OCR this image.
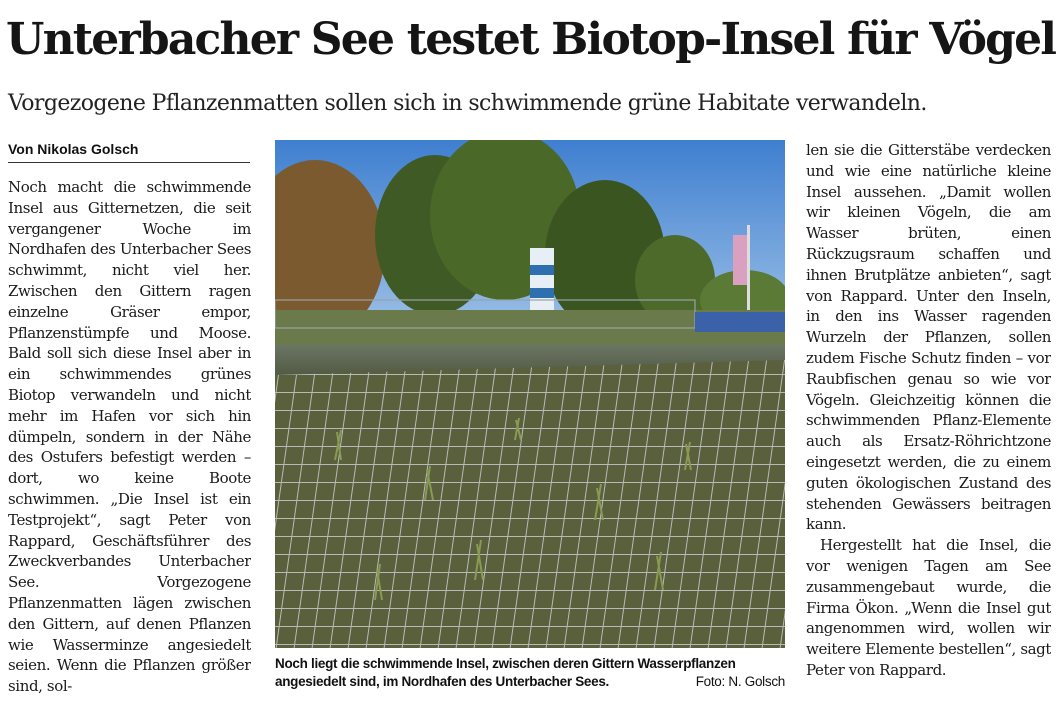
Unterbacher See testet Biotop-Insel für Vögel

Vorgezogene Pflanzenmatten sollen sich in schwimmende grüne Habitate verwandeln.

Von Nikolas Golsch

Noch macht die schwimmende Insel aus Gitternetzen, die seit vergangener Woche im Nordhafen des Unterbacher Sees schwimmt, nicht viel her. Zwischen den Gittern ragen einzelne Gräser empor, Pflanzenstümpfe und Moose. Bald soll sich diese Insel aber in ein schwimmendes grünes Biotop verwandeln und nicht mehr im Hafen vor sich hin dümpeln, sondern in der Nähe des Ostufers befestigt werden – dort, wo keine Boote schwimmen. „Die Insel ist ein Testprojekt“, sagt Peter von Rappard, Geschäftsführer des Zweckverbandes Unterbacher See. Vorgezogene Pflanzenmatten lägen zwischen den Gittern, auf denen Pflanzen wie Wasserminze angesiedelt seien. Wenn die Pflanzen größer sind, sol-

Noch liegt die schwimmende Insel, zwischen deren Gittern Wasserpflanzen angesiedelt sind, im Nordhafen des Unterbacher Sees.	Foto: N. Golsch

len sie die Gitterstäbe verdecken und wie eine natürliche kleine Insel aussehen. „Damit wollen wir kleinen Vögeln, die am Wasser brüten, einen Rückzugsraum schaffen und ihnen Brutplätze anbieten“, sagt von Rappard. Unter den Inseln, in den ins Wasser ragenden Wurzeln der Pflanzen, sollen zudem Fische Schutz finden – vor Raubfischen genau so wie vor Vögeln. Gleichzeitig können die schwimmenden Pflanz-Elemente auch als Ersatz-Röhrichtzone eingesetzt werden, die zu einem guten ökologischen Zustand des stehenden Gewässers beitragen kann.

Hergestellt hat die Insel, die vor wenigen Tagen am See zusammengebaut wurde, die Firma Ökon. „Wenn die Insel gut angenommen wird, wollen wir weitere Elemente bestellen“, sagt Peter von Rappard.
